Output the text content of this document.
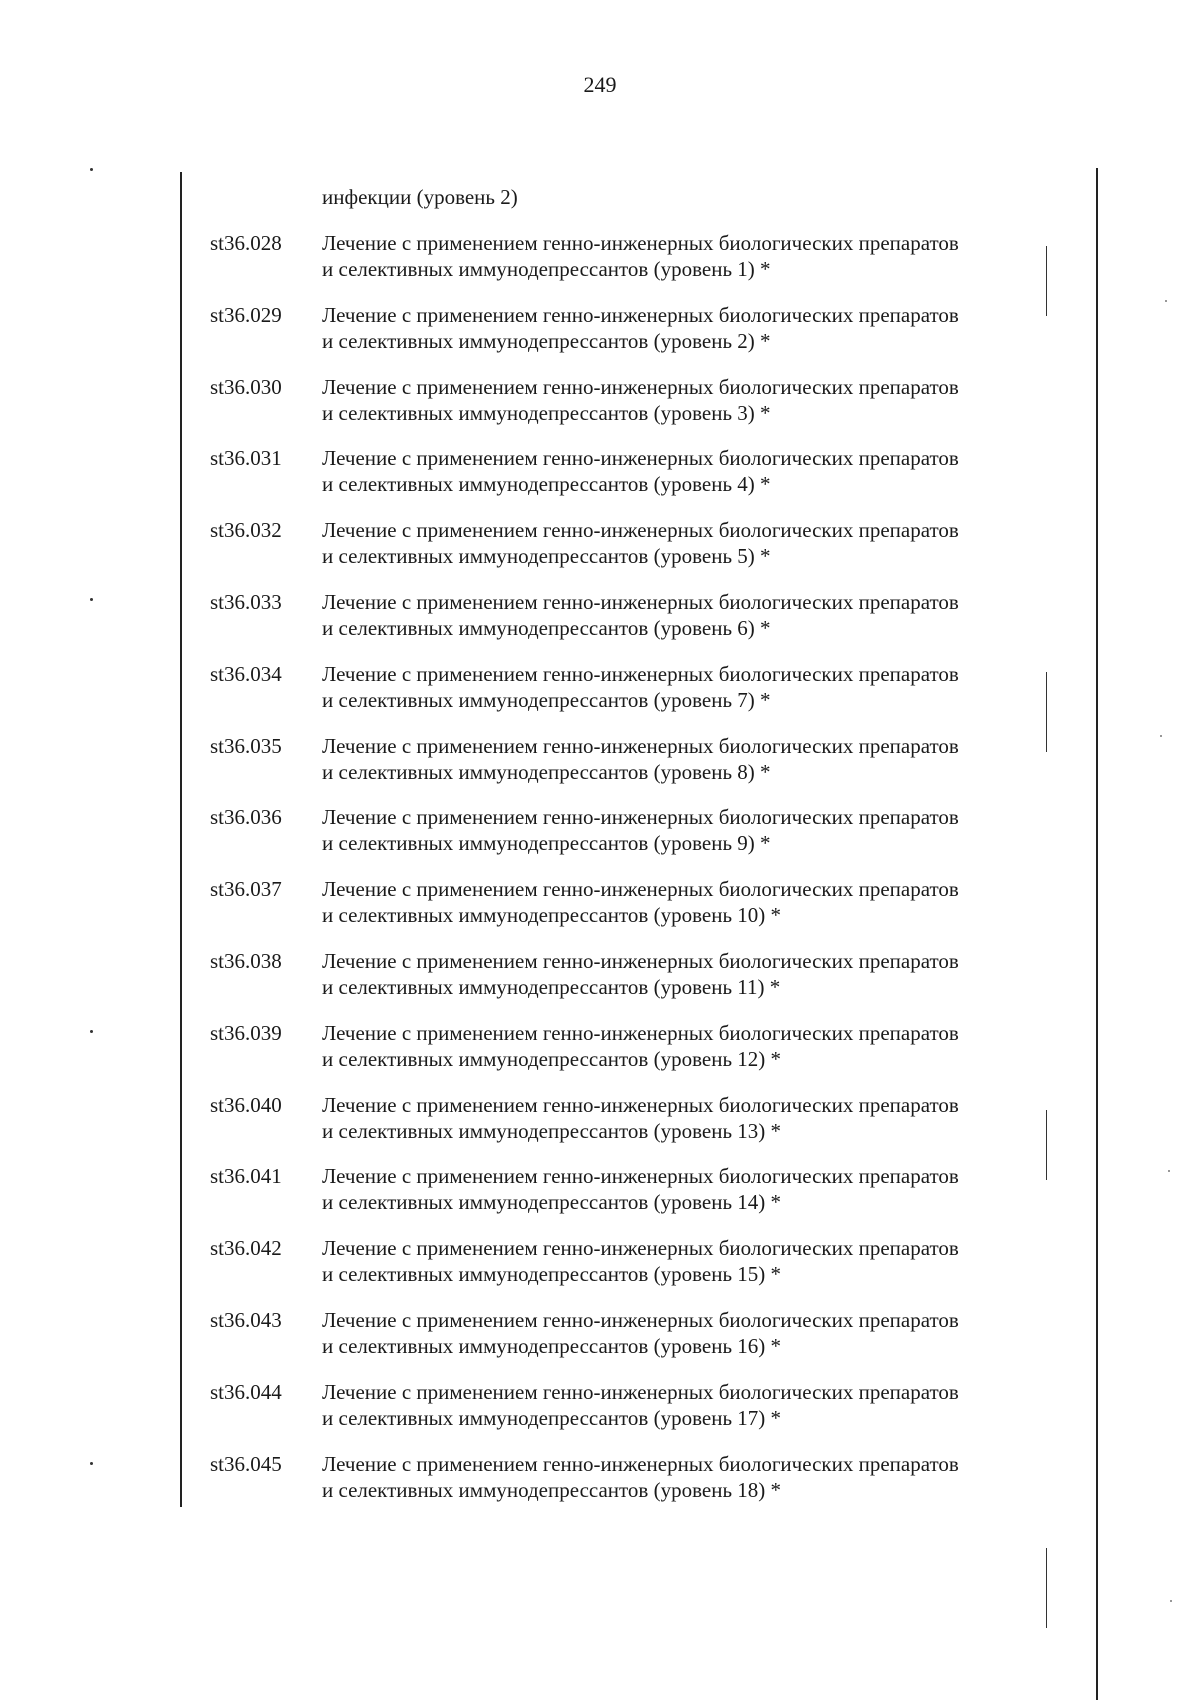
249
инфекции (уровень 2)
st36.028 Лечение с применением генно-инженерных биологических препаратов
и селективных иммунодепрессантов (уровень 1) *
st36.029 Лечение с применением генно-инженерных биологических препаратов
и селективных иммунодепрессантов (уровень 2) *
st36.030 Лечение с применением генно-инженерных биологических препаратов
и селективных иммунодепрессантов (уровень 3) *
st36.031 Лечение с применением генно-инженерных биологических препаратов
и селективных иммунодепрессантов (уровень 4) *
st36.032 Лечение с применением генно-инженерных биологических препаратов
и селективных иммунодепрессантов (уровень 5) *
st36.033 Лечение с применением генно-инженерных биологических препаратов
и селективных иммунодепрессантов (уровень 6) *
st36.034 Лечение с применением генно-инженерных биологических препаратов
и селективных иммунодепрессантов (уровень 7) *
st36.035 Лечение с применением генно-инженерных биологических препаратов
и селективных иммунодепрессантов (уровень 8) *
st36.036 Лечение с применением генно-инженерных биологических препаратов
и селективных иммунодепрессантов (уровень 9) *
st36.037 Лечение с применением генно-инженерных биологических препаратов
и селективных иммунодепрессантов (уровень 10) *
st36.038 Лечение с применением генно-инженерных биологических препаратов
и селективных иммунодепрессантов (уровень 11) *
st36.039 Лечение с применением генно-инженерных биологических препаратов
и селективных иммунодепрессантов (уровень 12) *
st36.040 Лечение с применением генно-инженерных биологических препаратов
и селективных иммунодепрессантов (уровень 13) *
st36.041 Лечение с применением генно-инженерных биологических препаратов
и селективных иммунодепрессантов (уровень 14) *
st36.042 Лечение с применением генно-инженерных биологических препаратов
и селективных иммунодепрессантов (уровень 15) *
st36.043 Лечение с применением генно-инженерных биологических препаратов
и селективных иммунодепрессантов (уровень 16) *
st36.044 Лечение с применением генно-инженерных биологических препаратов
и селективных иммунодепрессантов (уровень 17) *
st36.045 Лечение с применением генно-инженерных биологических препаратов
и селективных иммунодепрессантов (уровень 18) *
